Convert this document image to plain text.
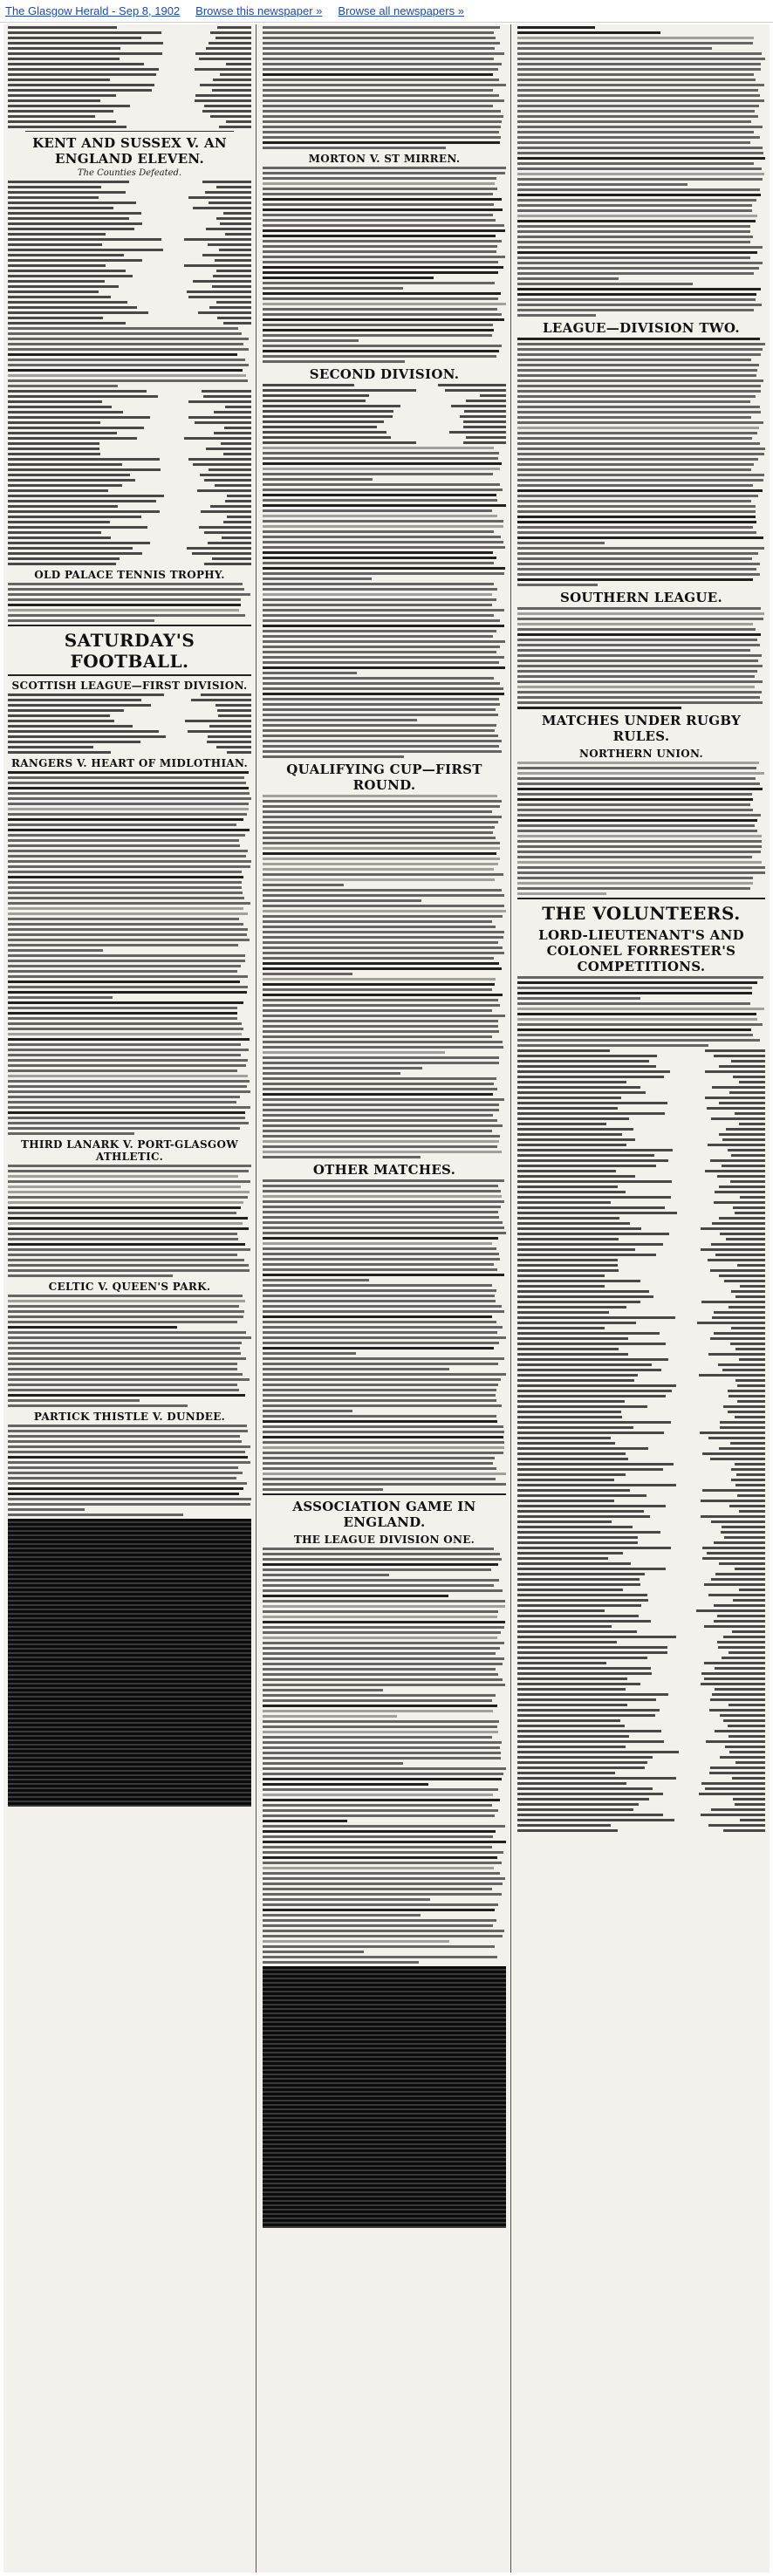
The Glasgow Herald - Sep 8, 1902 Browse this newspaper » Browse all newspapers »
KENT AND SUSSEX V. AN ENGLAND ELEVEN.
The Counties Defeated.
OLD PALACE TENNIS TROPHY.
SATURDAY'S FOOTBALL.
SCOTTISH LEAGUE—FIRST DIVISION.
RANGERS V. HEART OF MIDLOTHIAN.
THIRD LANARK V. PORT-GLASGOW ATHLETIC.
CELTIC V. QUEEN'S PARK.
PARTICK THISTLE V. DUNDEE.
MORTON V. ST MIRREN.
SECOND DIVISION.
QUALIFYING CUP—FIRST ROUND.
OTHER MATCHES.
ASSOCIATION GAME IN ENGLAND.
THE LEAGUE DIVISION ONE.
LEAGUE—DIVISION TWO.
SOUTHERN LEAGUE.
MATCHES UNDER RUGBY RULES.
NORTHERN UNION.
THE VOLUNTEERS.
LORD-LIEUTENANT'S AND COLONEL FORRESTER'S COMPETITIONS.
